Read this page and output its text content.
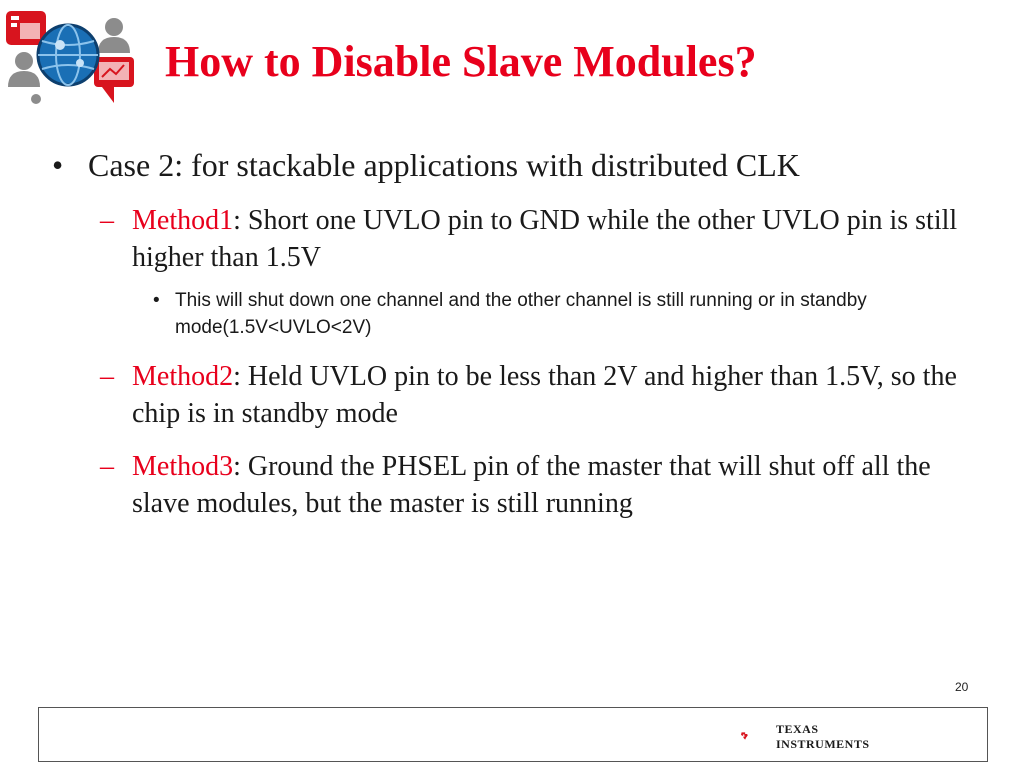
How to Disable Slave Modules?
• Case 2: for stackable applications with distributed CLK
– Method1: Short one UVLO pin to GND while the other UVLO pin is still higher than 1.5V
• This will shut down one channel and the other channel is still running or in standby mode(1.5V<UVLO<2V)
– Method2: Held UVLO pin to be less than 2V and higher than 1.5V, so the chip is in standby mode
– Method3: Ground the PHSEL pin of the master that will shut off all the slave modules, but the master is still running
20
TEXAS
INSTRUMENTS
